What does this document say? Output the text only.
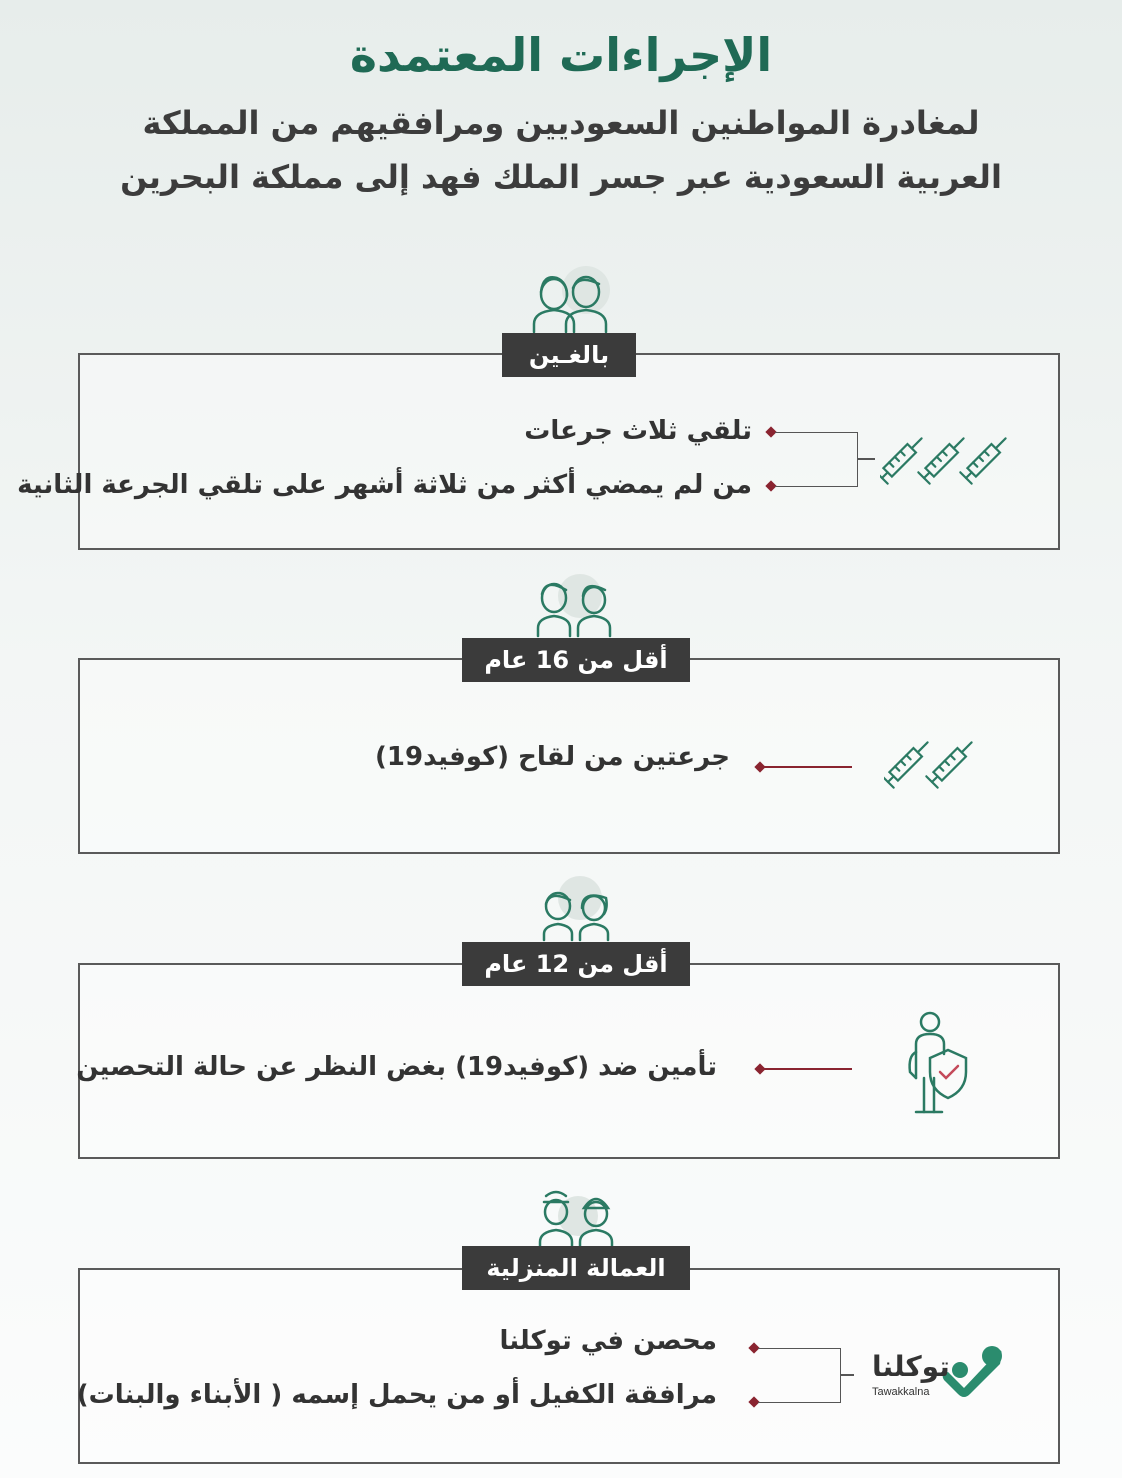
الإجراءات المعتمدة
لمغادرة المواطنين السعوديين ومرافقيهم من المملكة
العربية السعودية عبر جسر الملك فهد إلى مملكة البحرين
بالغـين
تلقي ثلاث جرعات
من لم يمضي أكثر من ثلاثة أشهر على تلقي الجرعة الثانية
أقل من 16 عام
جرعتين من لقاح (كوفيد19)
أقل من 12 عام
تأمين ضد (كوفيد19) بغض النظر عن حالة التحصين
العمالة المنزلية
محصن في توكلنا
مرافقة الكفيل أو من يحمل إسمه ( الأبناء والبنات)
توكلنا
Tawakkalna
